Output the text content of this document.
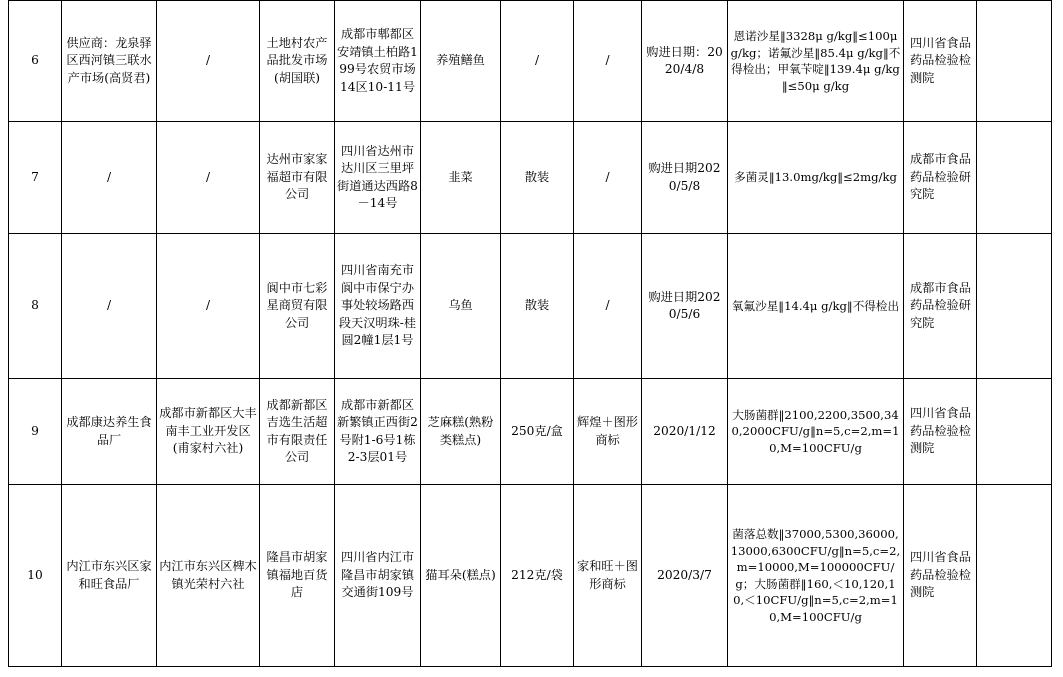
6	供应商：龙泉驿区西河镇三联水产市场(高贤君)	/	土地村农产品批发市场(胡国联)	成都市郫都区安靖镇土柏路199号农贸市场14区10-11号	养殖鳝鱼	/	/	购进日期：2020/4/8	恩诺沙星‖3328μ g/kg‖≤100μ g/kg；诺氟沙星‖85.4μ g/kg‖不得检出；甲氧苄啶‖139.4μ g/kg‖≤50μ g/kg	四川省食品药品检验检测院	
7	/	/	达州市家家福超市有限公司	四川省达州市达川区三里坪街道通达西路8－14号	韭菜	散装	/	购进日期2020/5/8	多菌灵‖13.0mg/kg‖≤2mg/kg	成都市食品药品检验研究院	
8	/	/	阆中市七彩星商贸有限公司	四川省南充市阆中市保宁办事处较场路西段天汉明珠-桂圆2幢1层1号	乌鱼	散装	/	购进日期2020/5/6	氧氟沙星‖14.4μ g/kg‖不得检出	成都市食品药品检验研究院	
9	成都康达养生食品厂	成都市新都区大丰南丰工业开发区(甫家村六社)	成都新都区吉选生活超市有限责任公司	成都市新都区新繁镇正西街2号附1-6号1栋2-3层01号	芝麻糕(熟粉类糕点)	250克/盒	辉煌＋图形商标	2020/1/12	大肠菌群‖2100,2200,3500,340,2000CFU/g‖n=5,c=2,m=10,M=100CFU/g	四川省食品药品检验检测院	
10	内江市东兴区家和旺食品厂	内江市东兴区椑木镇光荣村六社	隆昌市胡家镇福地百货店	四川省内江市隆昌市胡家镇交通街109号	猫耳朵(糕点)	212克/袋	家和旺＋图形商标	2020/3/7	菌落总数‖37000,5300,36000,13000,6300CFU/g‖n=5,c=2,m=10000,M=100000CFU/g；大肠菌群‖160,＜10,120,10,＜10CFU/g‖n=5,c=2,m=10,M=100CFU/g	四川省食品药品检验检测院	
